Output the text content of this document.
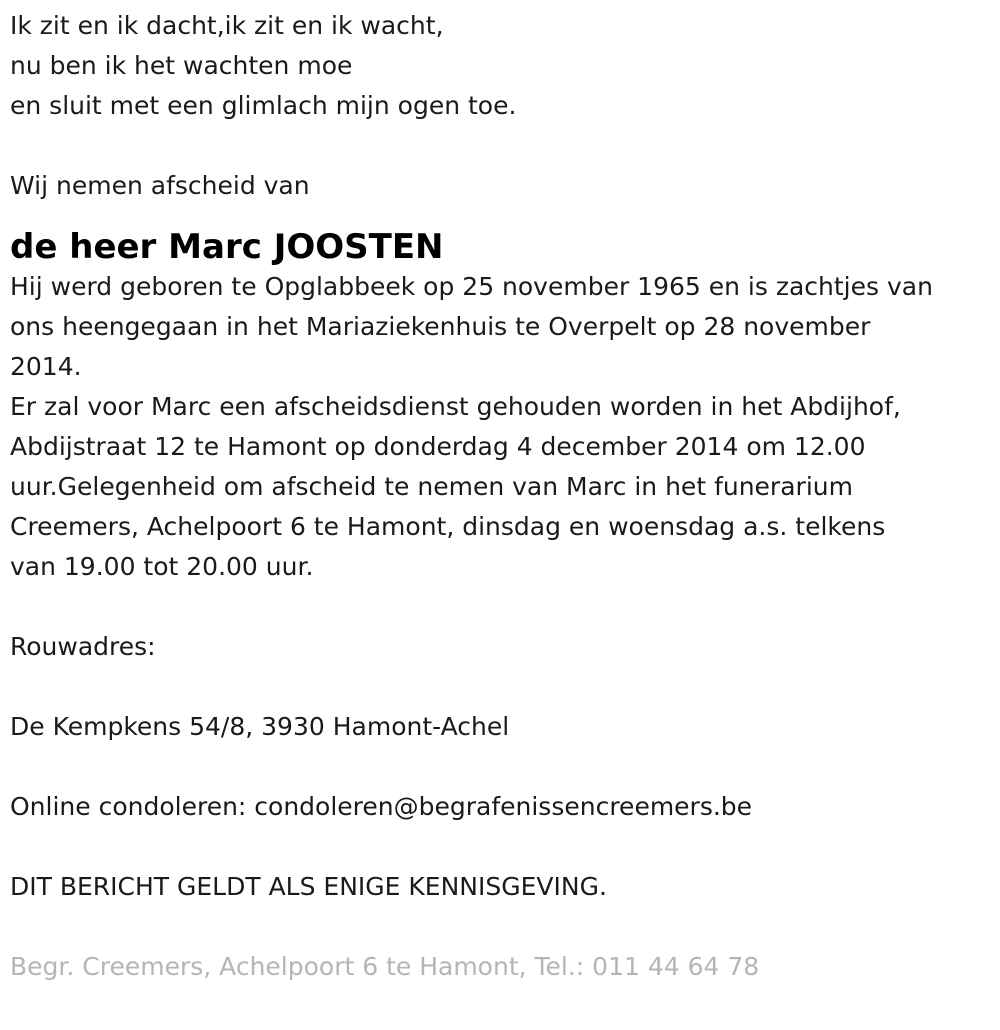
Ik zit en ik dacht,ik zit en ik wacht,

nu ben ik het wachten moe

en sluit met een glimlach mijn ogen toe.

Wij nemen afscheid van

de heer Marc JOOSTEN

Hij werd geboren te Opglabbeek op 25 november 1965 en is zachtjes van

ons heengegaan in het Mariaziekenhuis te Overpelt op 28 november

2014.

Er zal voor Marc een afscheidsdienst gehouden worden in het Abdijhof,

Abdijstraat 12 te Hamont op donderdag 4 december 2014 om 12.00

uur.Gelegenheid om afscheid te nemen van Marc in het funerarium

Creemers, Achelpoort 6 te Hamont, dinsdag en woensdag a.s. telkens

van 19.00 tot 20.00 uur.

Rouwadres:

De Kempkens 54/8, 3930 Hamont-Achel

Online condoleren: condoleren@begrafenissencreemers.be

DIT BERICHT GELDT ALS ENIGE KENNISGEVING.

Begr. Creemers, Achelpoort 6 te Hamont, Tel.: 011 44 64 78
